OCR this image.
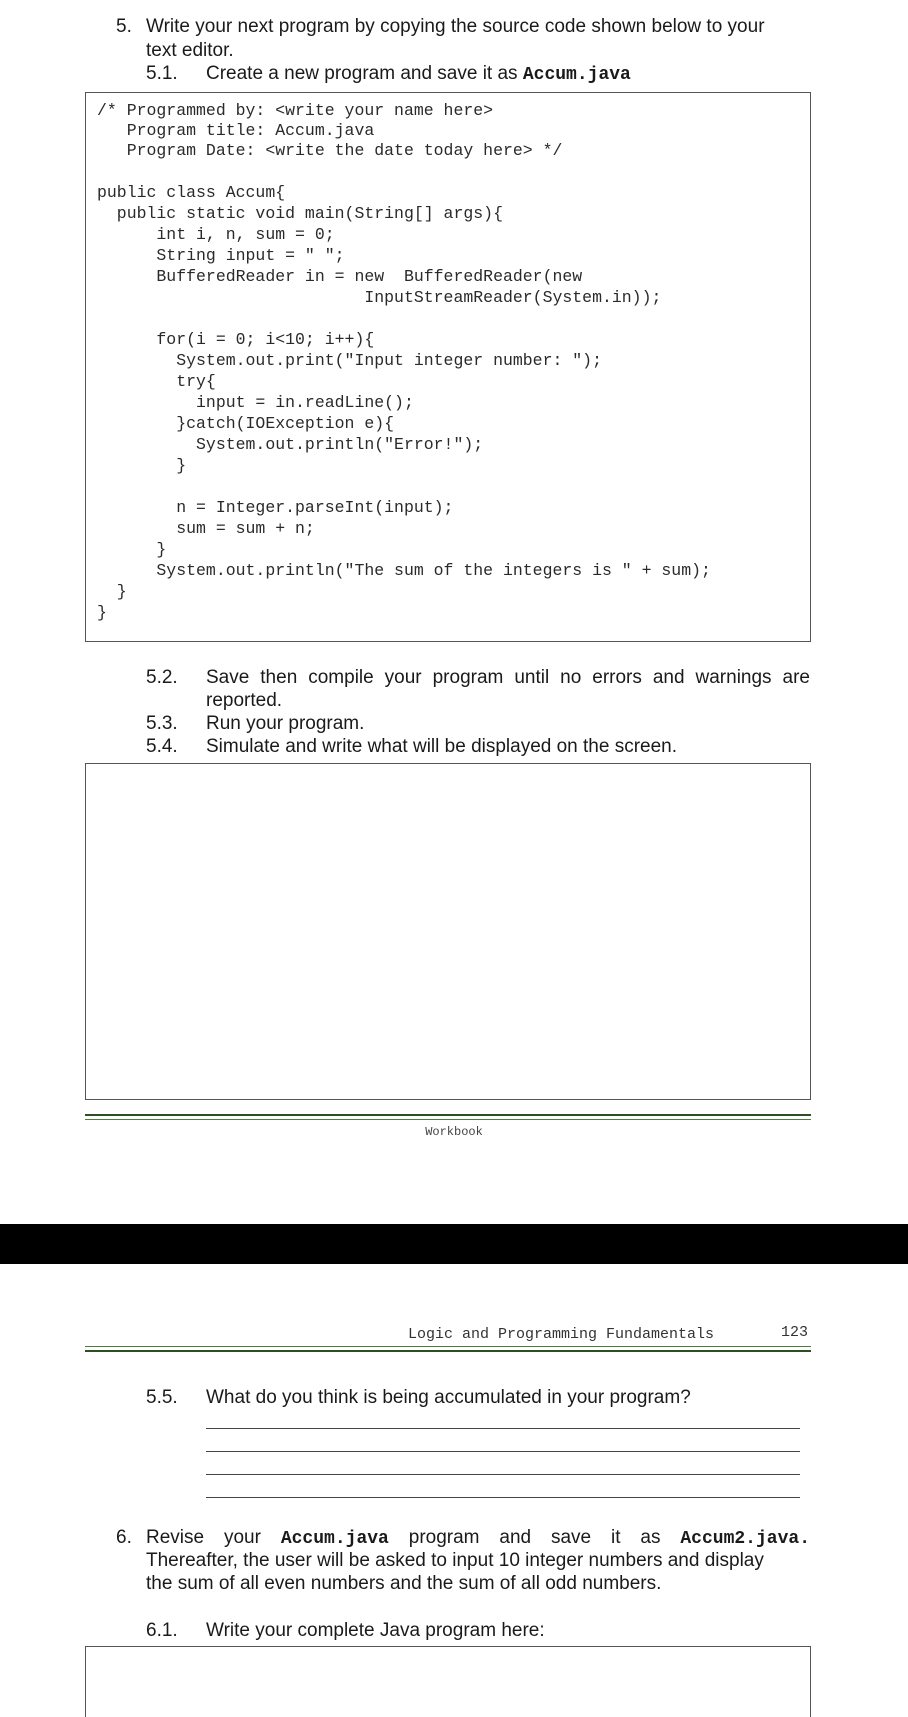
5. Write your next program by copying the source code shown below to your
text editor.
5.1. Create a new program and save it as Accum.java
/* Programmed by: <write your name here>
Program title: Accum.java
Program Date: <write the date today here> */
public class Accum{
public static void main(String[] args){
int i, n, sum = 0;
String input = " ";
BufferedReader in = new  BufferedReader(new
InputStreamReader(System.in));
for(i = 0; i<10; i++){
System.out.print("Input integer number: ");
try{
input = in.readLine();
}catch(IOException e){
System.out.println("Error!");
}
n = Integer.parseInt(input);
sum = sum + n;
}
System.out.println("The sum of the integers is " + sum);
}
}
5.2. Save then compile your program until no errors and warnings are
reported.
5.3. Run your program.
5.4. Simulate and write what will be displayed on the screen.
Workbook
Logic and Programming Fundamentals	123
5.5. What do you think is being accumulated in your program?
6. Revise your Accum.java program and save it as Accum2.java.
Thereafter, the user will be asked to input 10 integer numbers and display
the sum of all even numbers and the sum of all odd numbers.
6.1. Write your complete Java program here:
